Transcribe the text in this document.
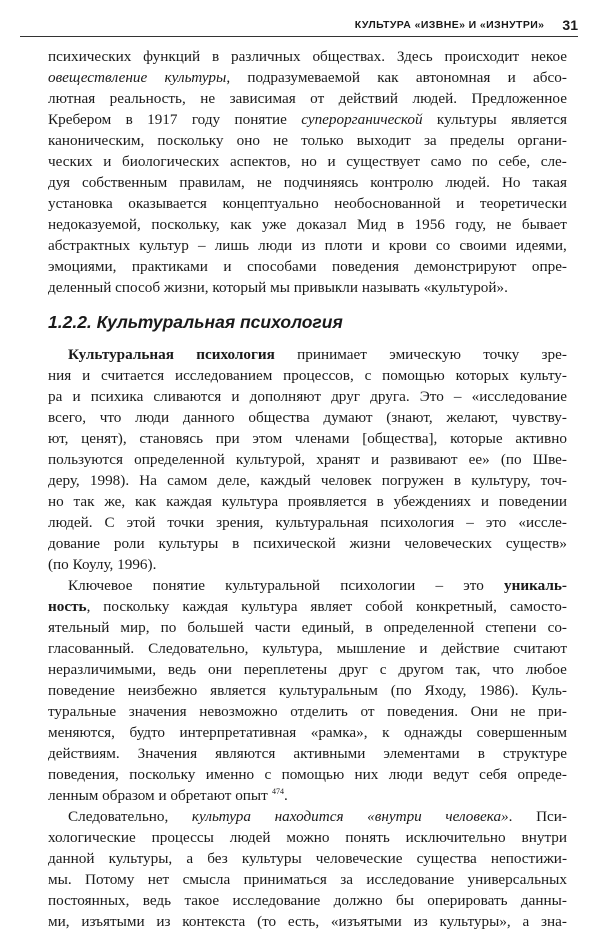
КУЛЬТУРА «ИЗВНЕ» И «ИЗНУТРИ» 31
психических функций в различных обществах. Здесь происходит некое
овеществление культуры, подразумеваемой как автономная и абсо-
лютная реальность, не зависимая от действий людей. Предложенное
Кребером в 1917 году понятие суперорганической культуры является
каноническим, поскольку оно не только выходит за пределы органи-
ческих и биологических аспектов, но и существует само по себе, сле-
дуя собственным правилам, не подчиняясь контролю людей. Но такая
установка оказывается концептуально необоснованной и теоретически
недоказуемой, поскольку, как уже доказал Мид в 1956 году, не бывает
абстрактных культур – лишь люди из плоти и крови со своими идеями,
эмоциями, практиками и способами поведения демонстрируют опре-
деленный способ жизни, который мы привыкли называть «культурой».
1.2.2. Культуральная психология
Культуральная психология принимает эмическую точку зре-
ния и считается исследованием процессов, с помощью которых культу-
ра и психика сливаются и дополняют друг друга. Это – «исследование
всего, что люди данного общества думают (знают, желают, чувству-
ют, ценят), становясь при этом членами [общества], которые активно
пользуются определенной культурой, хранят и развивают ее» (по Шве-
деру, 1998). На самом деле, каждый человек погружен в культуру, точ-
но так же, как каждая культура проявляется в убеждениях и поведении
людей. С этой точки зрения, культуральная психология – это «иссле-
дование роли культуры в психической жизни человеческих существ»
(по Коулу, 1996).
Ключевое понятие культуральной психологии – это уникаль-
ность, поскольку каждая культура являет собой конкретный, самосто-
ятельный мир, по большей части единый, в определенной степени со-
гласованный. Следовательно, культура, мышление и действие считают
неразличимыми, ведь они переплетены друг с другом так, что любое
поведение неизбежно является культуральным (по Яходу, 1986). Куль-
туральные значения невозможно отделить от поведения. Они не при-
меняются, будто интерпретативная «рамка», к однажды совершенным
действиям. Значения являются активными элементами в структуре
поведения, поскольку именно с помощью них люди ведут себя опреде-
ленным образом и обретают опыт $^{474}$.
Следовательно, культура находится «внутри человека». Пси-
хологические процессы людей можно понять исключительно внутри
данной культуры, а без культуры человеческие существа непостижи-
мы. Потому нет смысла приниматься за исследование универсальных
постоянных, ведь такое исследование должно бы оперировать данны-
ми, изъятыми из контекста (то есть, «изъятыми из культуры», а зна-
